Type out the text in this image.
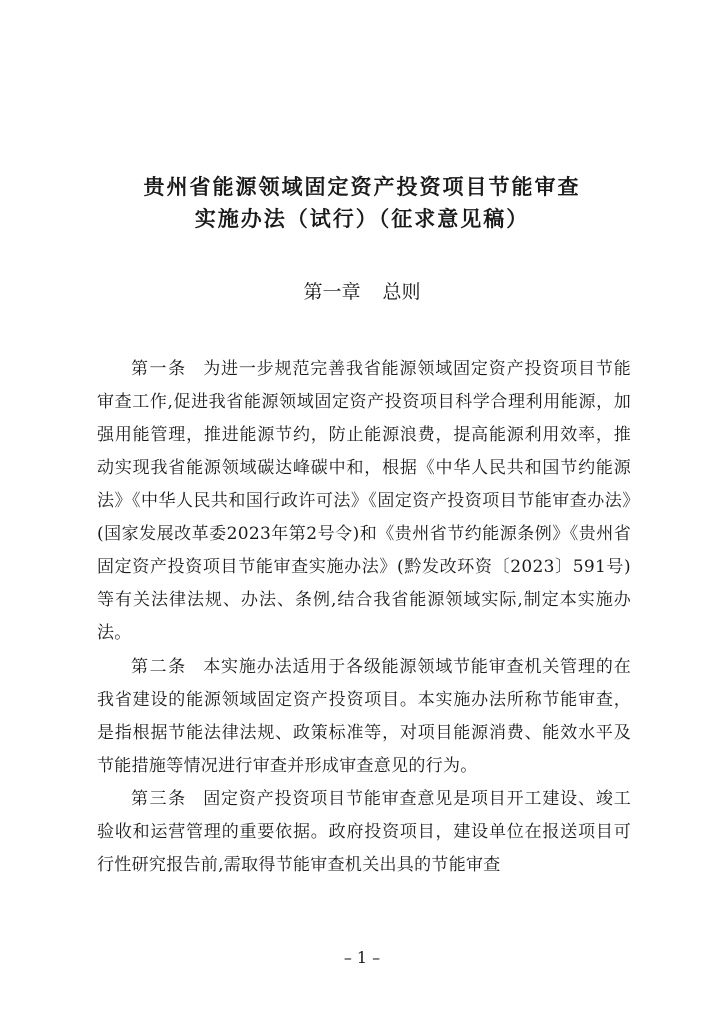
贵州省能源领域固定资产投资项目节能审查
实施办法（试行）（征求意见稿）
第一章 总则

第一条 为进一步规范完善我省能源领域固定资产投资项目节能审查工作,促进我省能源领域固定资产投资项目科学合理利用能源，加强用能管理，推进能源节约，防止能源浪费，提高能源利用效率，推动实现我省能源领域碳达峰碳中和，根据《中华人民共和国节约能源法》《中华人民共和国行政许可法》《固定资产投资项目节能审查办法》(国家发展改革委2023年第2号令)和《贵州省节约能源条例》《贵州省固定资产投资项目节能审查实施办法》(黔发改环资〔2023〕591号)等有关法律法规、办法、条例,结合我省能源领域实际,制定本实施办法。

第二条 本实施办法适用于各级能源领域节能审查机关管理的在我省建设的能源领域固定资产投资项目。本实施办法所称节能审查，是指根据节能法律法规、政策标准等，对项目能源消费、能效水平及节能措施等情况进行审查并形成审查意见的行为。

第三条 固定资产投资项目节能审查意见是项目开工建设、竣工验收和运营管理的重要依据。政府投资项目，建设单位在报送项目可行性研究报告前,需取得节能审查机关出具的节能审查

– 1 –
